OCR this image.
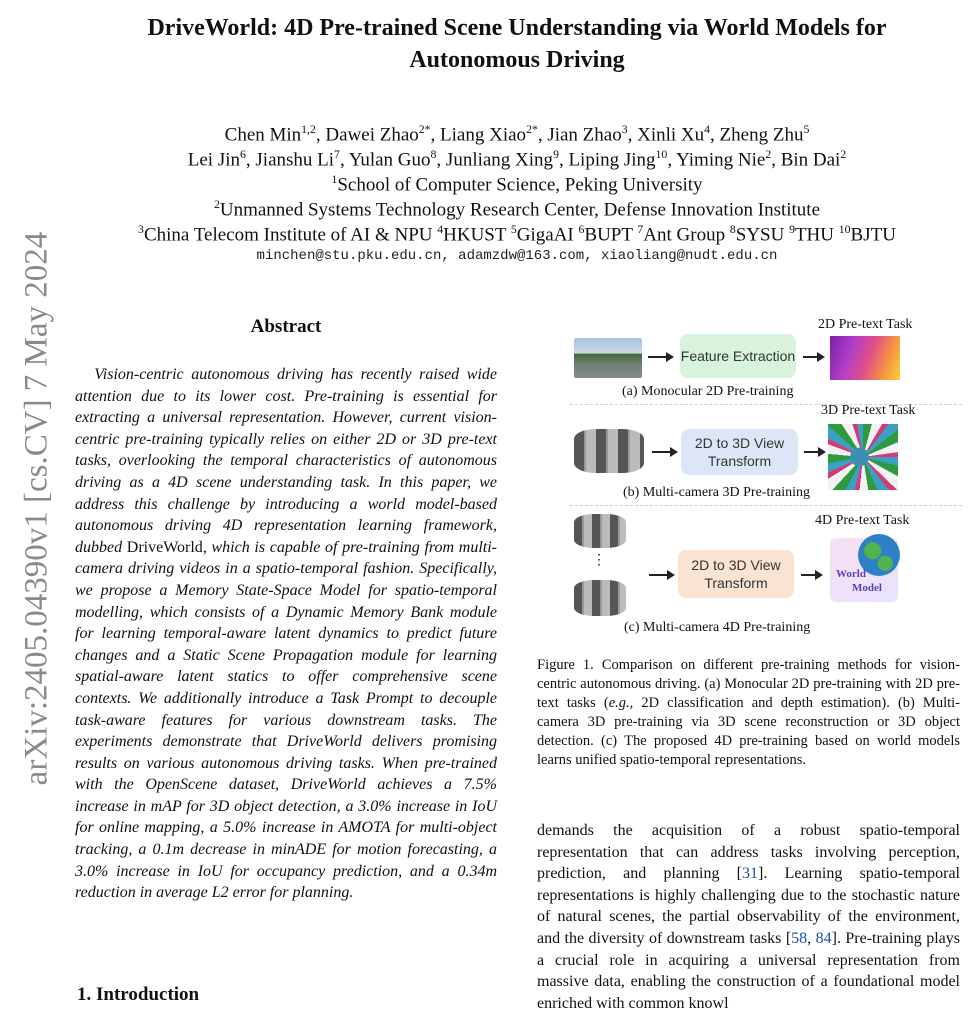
arXiv:2405.04390v1 [cs.CV] 7 May 2024
DriveWorld: 4D Pre-trained Scene Understanding via World Models for
Autonomous Driving
Chen Min$^{1,2}$, Dawei Zhao$^{2*}$, Liang Xiao$^{2*}$, Jian Zhao$^3$, Xinli Xu$^4$, Zheng Zhu$^5$
Lei Jin$^6$, Jianshu Li$^7$, Yulan Guo$^8$, Junliang Xing$^9$, Liping Jing$^{10}$, Yiming Nie$^2$, Bin Dai$^2$
$^1$School of Computer Science, Peking University
$^2$Unmanned Systems Technology Research Center, Defense Innovation Institute
$^3$China Telecom Institute of AI & NPU $^4$HKUST $^5$GigaAI $^6$BUPT $^7$Ant Group $^8$SYSU $^9$THU $^{10}$BJTU
minchen@stu.pku.edu.cn, adamzdw@163.com, xiaoliang@nudt.edu.cn
Abstract
Vision-centric autonomous driving has recently raised wide attention due to its lower cost. Pre-training is essential for extracting a universal representation. However, current vision-centric pre-training typically relies on either 2D or 3D pre-text tasks, overlooking the temporal characteristics of autonomous driving as a 4D scene understanding task. In this paper, we address this challenge by introducing a world model-based autonomous driving 4D representation learning framework, dubbed DriveWorld, which is capable of pre-training from multi-camera driving videos in a spatio-temporal fashion. Specifically, we propose a Memory State-Space Model for spatio-temporal modelling, which consists of a Dynamic Memory Bank module for learning temporal-aware latent dynamics to predict future changes and a Static Scene Propagation module for learning spatial-aware latent statics to offer comprehensive scene contexts. We additionally introduce a Task Prompt to decouple task-aware features for various downstream tasks. The experiments demonstrate that DriveWorld delivers promising results on various autonomous driving tasks. When pre-trained with the OpenScene dataset, DriveWorld achieves a 7.5% increase in mAP for 3D object detection, a 3.0% increase in IoU for online mapping, a 5.0% increase in AMOTA for multi-object tracking, a 0.1m decrease in minADE for motion forecasting, a 3.0% increase in IoU for occupancy prediction, and a 0.34m reduction in average L2 error for planning.
1. Introduction
Feature Extraction
2D Pre-text Task
(a) Monocular 2D Pre-training
2D to 3D View Transform
3D Pre-text Task
(b) Multi-camera 3D Pre-training
⋮	2D to 3D View Transform
4D Pre-text Task
World
Model
(c) Multi-camera 4D Pre-training
Figure 1. Comparison on different pre-training methods for vision-centric autonomous driving. (a) Monocular 2D pre-training with 2D pre-text tasks (e.g., 2D classification and depth estimation). (b) Multi-camera 3D pre-training via 3D scene reconstruction or 3D object detection. (c) The proposed 4D pre-training based on world models learns unified spatio-temporal representations.
demands the acquisition of a robust spatio-temporal representation that can address tasks involving perception, prediction, and planning [31]. Learning spatio-temporal representations is highly challenging due to the stochastic nature of natural scenes, the partial observability of the environment, and the diversity of downstream tasks [58, 84]. Pre-training plays a crucial role in acquiring a universal representation from massive data, enabling the construction of a foundational model enriched with common knowl
